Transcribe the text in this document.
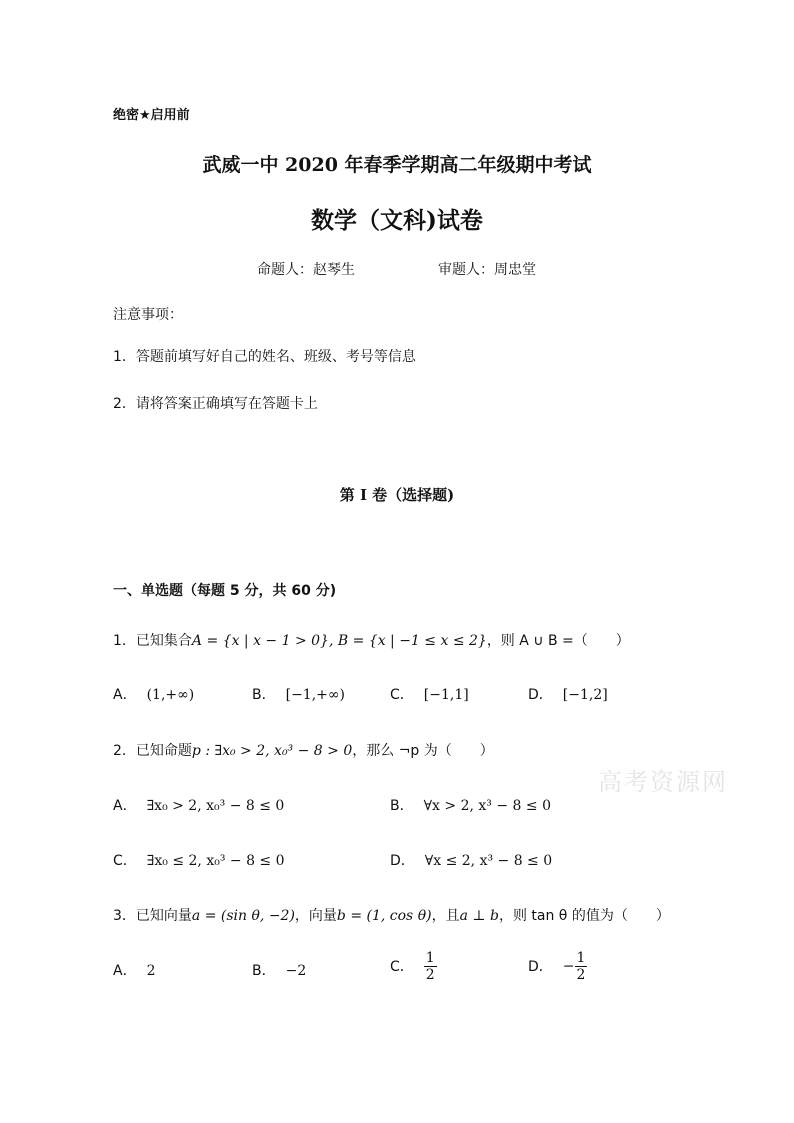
绝密★启用前
武威一中 2020 年春季学期高二年级期中考试
数学（文科)试卷
命题人：赵琴生	审题人：周忠堂
注意事项：
1．答题前填写好自己的姓名、班级、考号等信息
2．请将答案正确填写在答题卡上
第 I 卷（选择题)
一、单选题（每题 5 分，共 60 分)
1．已知集合A = {x | x − 1 > 0}, B = {x | −1 ≤ x ≤ 2}，则 A ∪ B =（　　）
A． (1,+∞)	B． [−1,+∞)	C． [−1,1]	D． [−1,2]
2．已知命题p : ∃x₀ > 2, x₀³ − 8 > 0，那么 ¬p 为（　　）
A． ∃x₀ > 2, x₀³ − 8 ≤ 0	B． ∀x > 2, x³ − 8 ≤ 0
C． ∃x₀ ≤ 2, x₀³ − 8 ≤ 0	D． ∀x ≤ 2, x³ − 8 ≤ 0
3．已知向量a = (sin θ, −2)，向量b = (1, cos θ)，且a ⊥ b，则 tan θ 的值为（　　）
A． 2	B． −2	C． $\frac{1}{2}$	D． − $\frac{1}{2}$
高考资源网
